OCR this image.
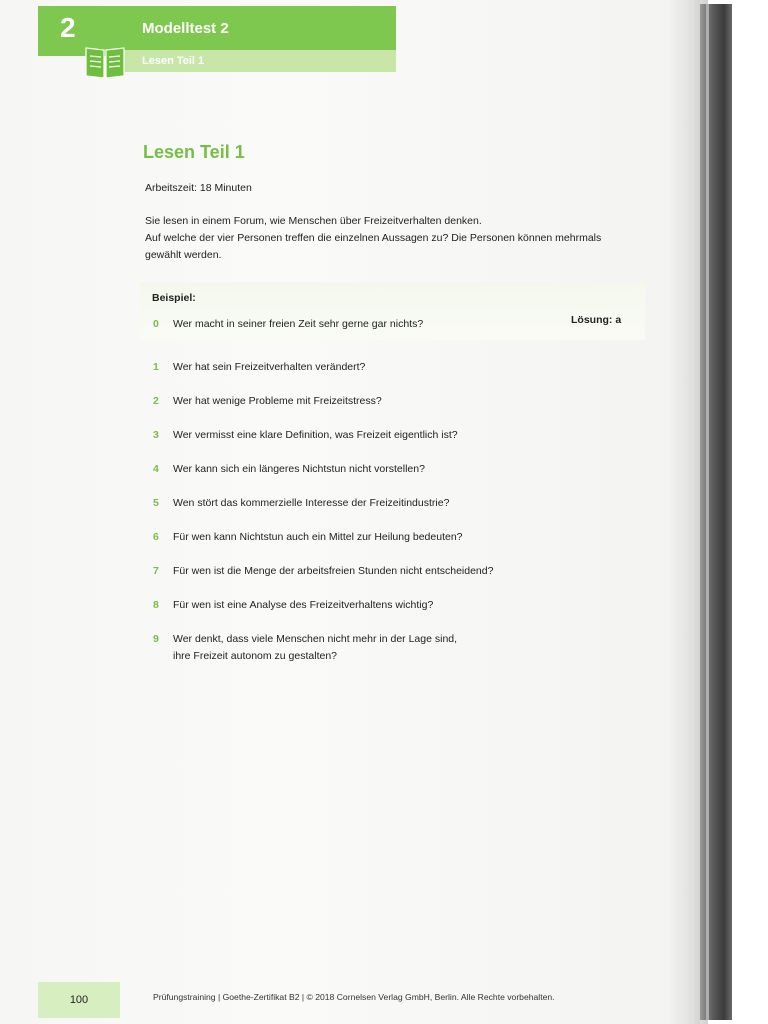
2	Modelltest 2
Lesen Teil 1
Lesen Teil 1
Arbeitszeit: 18 Minuten
Sie lesen in einem Forum, wie Menschen über Freizeitverhalten denken.
Auf welche der vier Personen treffen die einzelnen Aussagen zu? Die Personen können mehrmals
gewählt werden.
Beispiel:
0 Wer macht in seiner freien Zeit sehr gerne gar nichts?	Lösung: a
1 Wer hat sein Freizeitverhalten verändert?
2 Wer hat wenige Probleme mit Freizeitstress?
3 Wer vermisst eine klare Definition, was Freizeit eigentlich ist?
4 Wer kann sich ein längeres Nichtstun nicht vorstellen?
5 Wen stört das kommerzielle Interesse der Freizeitindustrie?
6 Für wen kann Nichtstun auch ein Mittel zur Heilung bedeuten?
7 Für wen ist die Menge der arbeitsfreien Stunden nicht entscheidend?
8 Für wen ist eine Analyse des Freizeitverhaltens wichtig?
9 Wer denkt, dass viele Menschen nicht mehr in der Lage sind,
ihre Freizeit autonom zu gestalten?
100	Prüfungstraining | Goethe-Zertifikat B2 | © 2018 Cornelsen Verlag GmbH, Berlin. Alle Rechte vorbehalten.
